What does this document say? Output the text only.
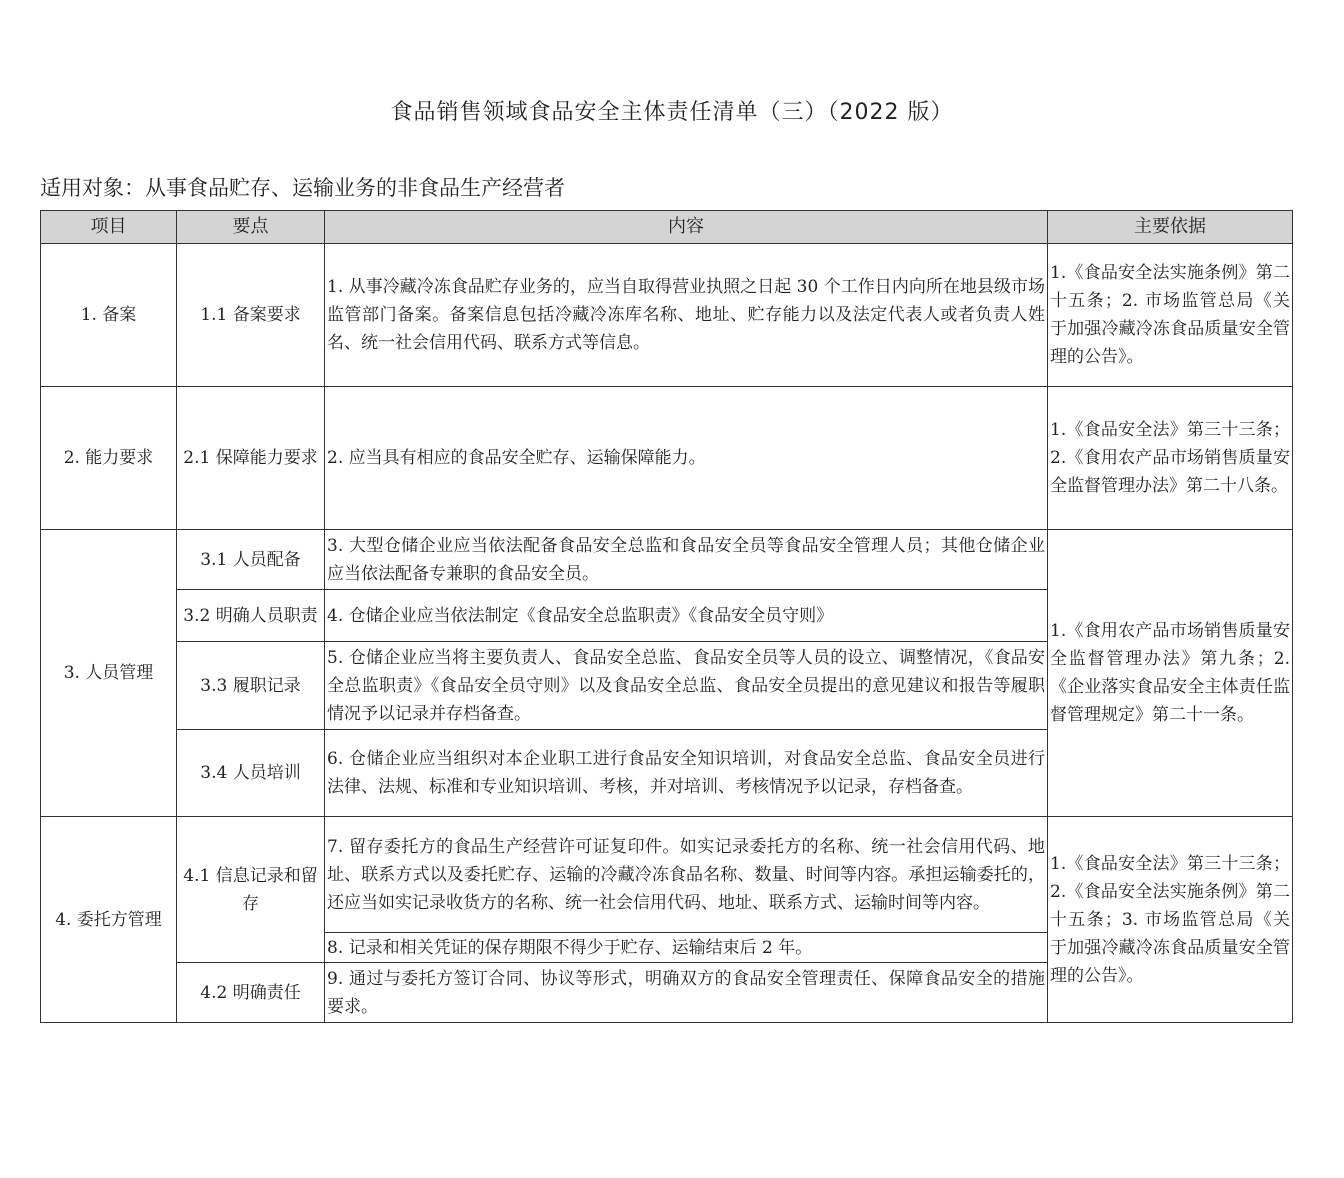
食品销售领域食品安全主体责任清单（三）（2022 版）
适用对象：从事食品贮存、运输业务的非食品生产经营者
项目	要点	内容	主要依据
1. 备案	1.1 备案要求	1. 从事冷藏冷冻食品贮存业务的，应当自取得营业执照之日起 30 个工作日内向所在地县级市场监管部门备案。备案信息包括冷藏冷冻库名称、地址、贮存能力以及法定代表人或者负责人姓名、统一社会信用代码、联系方式等信息。	1.《食品安全法实施条例》第二十五条；2. 市场监管总局《关于加强冷藏冷冻食品质量安全管理的公告》。
2. 能力要求	2.1 保障能力要求	2. 应当具有相应的食品安全贮存、运输保障能力。	1.《食品安全法》第三十三条；2.《食用农产品市场销售质量安全监督管理办法》第二十八条。
3. 人员管理	3.1 人员配备	3. 大型仓储企业应当依法配备食品安全总监和食品安全员等食品安全管理人员；其他仓储企业应当依法配备专兼职的食品安全员。	1.《食用农产品市场销售质量安全监督管理办法》第九条；2.《企业落实食品安全主体责任监督管理规定》第二十一条。
	3.2 明确人员职责	4. 仓储企业应当依法制定《食品安全总监职责》《食品安全员守则》	
	3.3 履职记录	5. 仓储企业应当将主要负责人、食品安全总监、食品安全员等人员的设立、调整情况，《食品安全总监职责》《食品安全员守则》以及食品安全总监、食品安全员提出的意见建议和报告等履职情况予以记录并存档备查。	
	3.4 人员培训	6. 仓储企业应当组织对本企业职工进行食品安全知识培训，对食品安全总监、食品安全员进行法律、法规、标准和专业知识培训、考核，并对培训、考核情况予以记录，存档备查。	
4. 委托方管理	4.1 信息记录和留存	7. 留存委托方的食品生产经营许可证复印件。如实记录委托方的名称、统一社会信用代码、地址、联系方式以及委托贮存、运输的冷藏冷冻食品名称、数量、时间等内容。承担运输委托的，还应当如实记录收货方的名称、统一社会信用代码、地址、联系方式、运输时间等内容。	1.《食品安全法》第三十三条；2.《食品安全法实施条例》第二十五条；3. 市场监管总局《关于加强冷藏冷冻食品质量安全管理的公告》。
		8. 记录和相关凭证的保存期限不得少于贮存、运输结束后 2 年。	
	4.2 明确责任	9. 通过与委托方签订合同、协议等形式，明确双方的食品安全管理责任、保障食品安全的措施要求。	
